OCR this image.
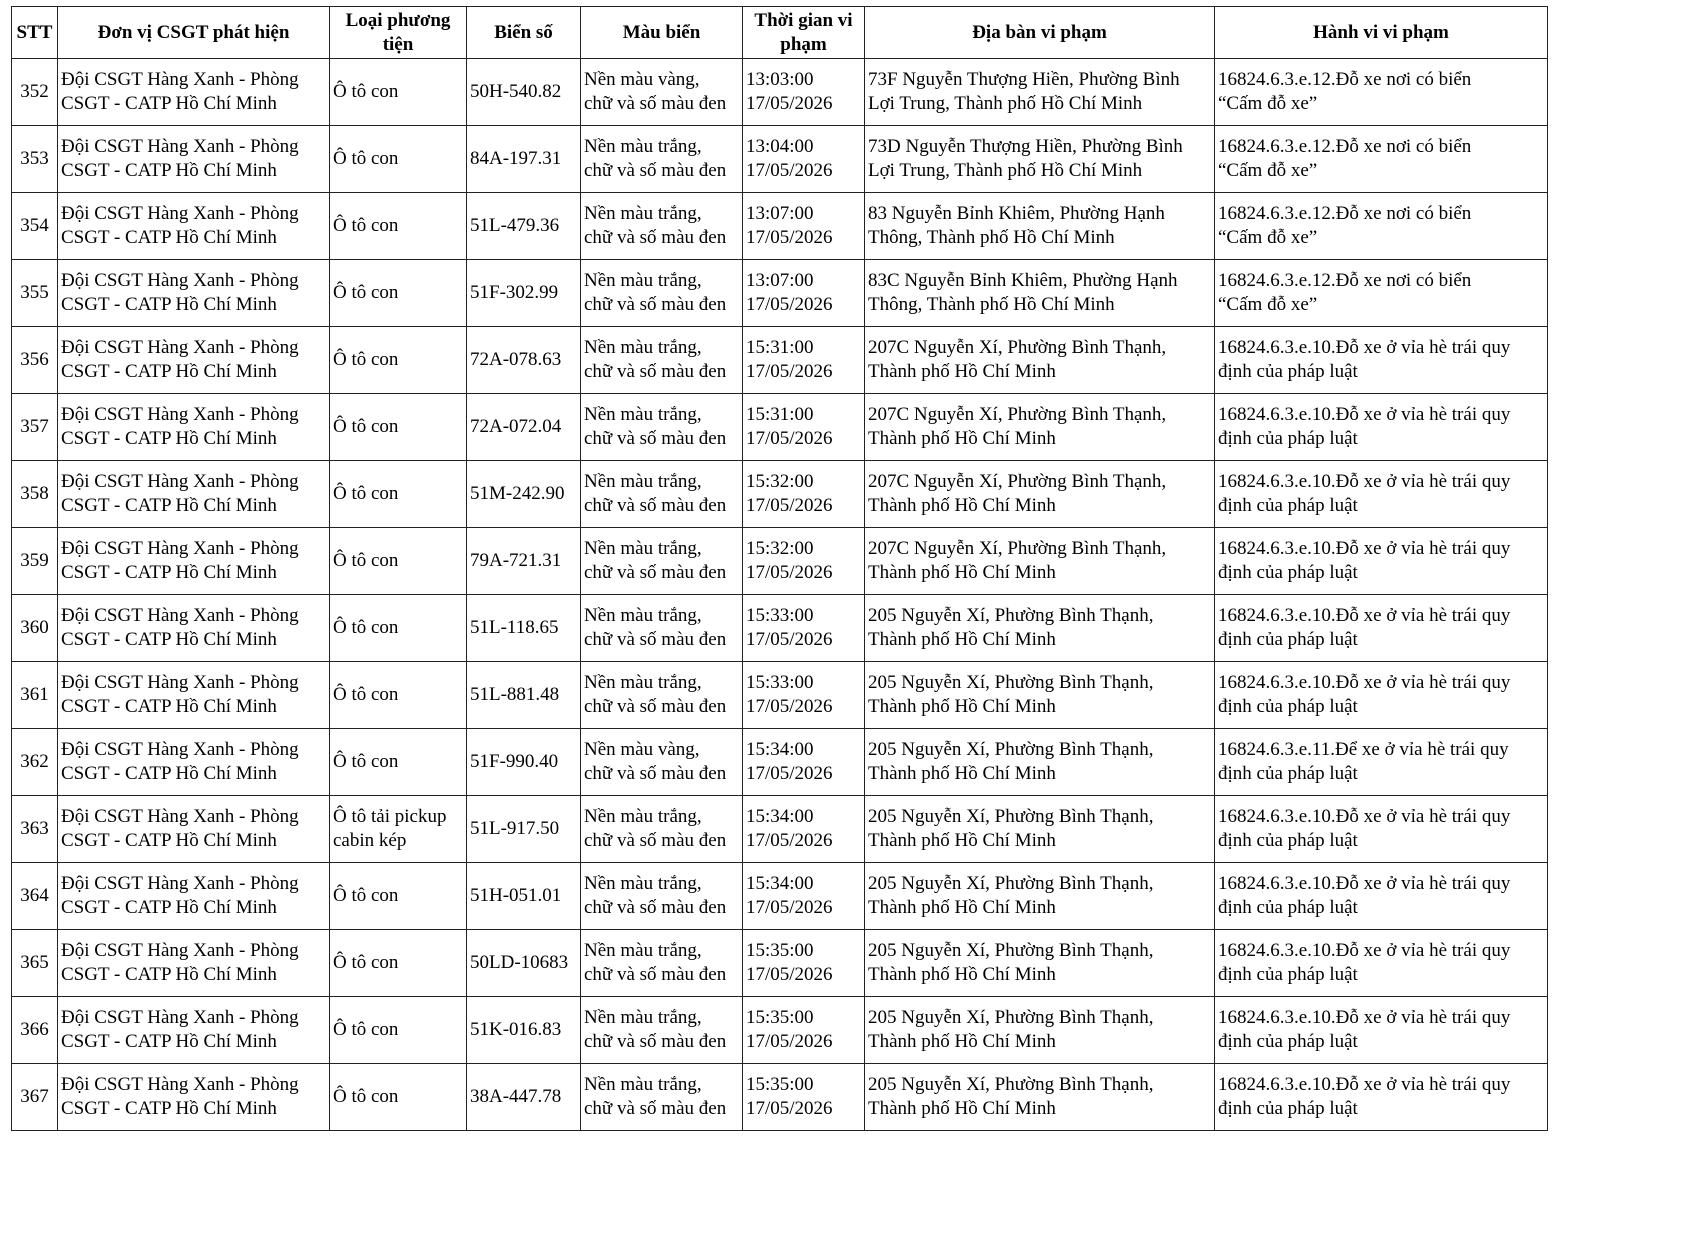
STT	Đơn vị CSGT phát hiện	Loại phương tiện	Biển số	Màu biển	Thời gian vi phạm	Địa bàn vi phạm	Hành vi vi phạm
352	Đội CSGT Hàng Xanh - Phòng
CSGT - CATP Hồ Chí Minh	Ô tô con	50H-540.82	Nền màu vàng,
chữ và số màu đen	13:03:00
17/05/2026	73F Nguyễn Thượng Hiền, Phường Bình
Lợi Trung, Thành phố Hồ Chí Minh	16824.6.3.e.12.Đỗ xe nơi có biển
“Cấm đỗ xe”
353	Đội CSGT Hàng Xanh - Phòng
CSGT - CATP Hồ Chí Minh	Ô tô con	84A-197.31	Nền màu trắng,
chữ và số màu đen	13:04:00
17/05/2026	73D Nguyễn Thượng Hiền, Phường Bình
Lợi Trung, Thành phố Hồ Chí Minh	16824.6.3.e.12.Đỗ xe nơi có biển
“Cấm đỗ xe”
354	Đội CSGT Hàng Xanh - Phòng
CSGT - CATP Hồ Chí Minh	Ô tô con	51L-479.36	Nền màu trắng,
chữ và số màu đen	13:07:00
17/05/2026	83 Nguyễn Bỉnh Khiêm, Phường Hạnh
Thông, Thành phố Hồ Chí Minh	16824.6.3.e.12.Đỗ xe nơi có biển
“Cấm đỗ xe”
355	Đội CSGT Hàng Xanh - Phòng
CSGT - CATP Hồ Chí Minh	Ô tô con	51F-302.99	Nền màu trắng,
chữ và số màu đen	13:07:00
17/05/2026	83C Nguyễn Bỉnh Khiêm, Phường Hạnh
Thông, Thành phố Hồ Chí Minh	16824.6.3.e.12.Đỗ xe nơi có biển
“Cấm đỗ xe”
356	Đội CSGT Hàng Xanh - Phòng
CSGT - CATP Hồ Chí Minh	Ô tô con	72A-078.63	Nền màu trắng,
chữ và số màu đen	15:31:00
17/05/2026	207C Nguyễn Xí, Phường Bình Thạnh,
Thành phố Hồ Chí Minh	16824.6.3.e.10.Đỗ xe ở vỉa hè trái quy
định của pháp luật
357	Đội CSGT Hàng Xanh - Phòng
CSGT - CATP Hồ Chí Minh	Ô tô con	72A-072.04	Nền màu trắng,
chữ và số màu đen	15:31:00
17/05/2026	207C Nguyễn Xí, Phường Bình Thạnh,
Thành phố Hồ Chí Minh	16824.6.3.e.10.Đỗ xe ở vỉa hè trái quy
định của pháp luật
358	Đội CSGT Hàng Xanh - Phòng
CSGT - CATP Hồ Chí Minh	Ô tô con	51M-242.90	Nền màu trắng,
chữ và số màu đen	15:32:00
17/05/2026	207C Nguyễn Xí, Phường Bình Thạnh,
Thành phố Hồ Chí Minh	16824.6.3.e.10.Đỗ xe ở vỉa hè trái quy
định của pháp luật
359	Đội CSGT Hàng Xanh - Phòng
CSGT - CATP Hồ Chí Minh	Ô tô con	79A-721.31	Nền màu trắng,
chữ và số màu đen	15:32:00
17/05/2026	207C Nguyễn Xí, Phường Bình Thạnh,
Thành phố Hồ Chí Minh	16824.6.3.e.10.Đỗ xe ở vỉa hè trái quy
định của pháp luật
360	Đội CSGT Hàng Xanh - Phòng
CSGT - CATP Hồ Chí Minh	Ô tô con	51L-118.65	Nền màu trắng,
chữ và số màu đen	15:33:00
17/05/2026	205 Nguyễn Xí, Phường Bình Thạnh,
Thành phố Hồ Chí Minh	16824.6.3.e.10.Đỗ xe ở vỉa hè trái quy
định của pháp luật
361	Đội CSGT Hàng Xanh - Phòng
CSGT - CATP Hồ Chí Minh	Ô tô con	51L-881.48	Nền màu trắng,
chữ và số màu đen	15:33:00
17/05/2026	205 Nguyễn Xí, Phường Bình Thạnh,
Thành phố Hồ Chí Minh	16824.6.3.e.10.Đỗ xe ở vỉa hè trái quy
định của pháp luật
362	Đội CSGT Hàng Xanh - Phòng
CSGT - CATP Hồ Chí Minh	Ô tô con	51F-990.40	Nền màu vàng,
chữ và số màu đen	15:34:00
17/05/2026	205 Nguyễn Xí, Phường Bình Thạnh,
Thành phố Hồ Chí Minh	16824.6.3.e.11.Để xe ở vỉa hè trái quy
định của pháp luật
363	Đội CSGT Hàng Xanh - Phòng
CSGT - CATP Hồ Chí Minh	Ô tô tải pickup
cabin kép	51L-917.50	Nền màu trắng,
chữ và số màu đen	15:34:00
17/05/2026	205 Nguyễn Xí, Phường Bình Thạnh,
Thành phố Hồ Chí Minh	16824.6.3.e.10.Đỗ xe ở vỉa hè trái quy
định của pháp luật
364	Đội CSGT Hàng Xanh - Phòng
CSGT - CATP Hồ Chí Minh	Ô tô con	51H-051.01	Nền màu trắng,
chữ và số màu đen	15:34:00
17/05/2026	205 Nguyễn Xí, Phường Bình Thạnh,
Thành phố Hồ Chí Minh	16824.6.3.e.10.Đỗ xe ở vỉa hè trái quy
định của pháp luật
365	Đội CSGT Hàng Xanh - Phòng
CSGT - CATP Hồ Chí Minh	Ô tô con	50LD-10683	Nền màu trắng,
chữ và số màu đen	15:35:00
17/05/2026	205 Nguyễn Xí, Phường Bình Thạnh,
Thành phố Hồ Chí Minh	16824.6.3.e.10.Đỗ xe ở vỉa hè trái quy
định của pháp luật
366	Đội CSGT Hàng Xanh - Phòng
CSGT - CATP Hồ Chí Minh	Ô tô con	51K-016.83	Nền màu trắng,
chữ và số màu đen	15:35:00
17/05/2026	205 Nguyễn Xí, Phường Bình Thạnh,
Thành phố Hồ Chí Minh	16824.6.3.e.10.Đỗ xe ở vỉa hè trái quy
định của pháp luật
367	Đội CSGT Hàng Xanh - Phòng
CSGT - CATP Hồ Chí Minh	Ô tô con	38A-447.78	Nền màu trắng,
chữ và số màu đen	15:35:00
17/05/2026	205 Nguyễn Xí, Phường Bình Thạnh,
Thành phố Hồ Chí Minh	16824.6.3.e.10.Đỗ xe ở vỉa hè trái quy
định của pháp luật
